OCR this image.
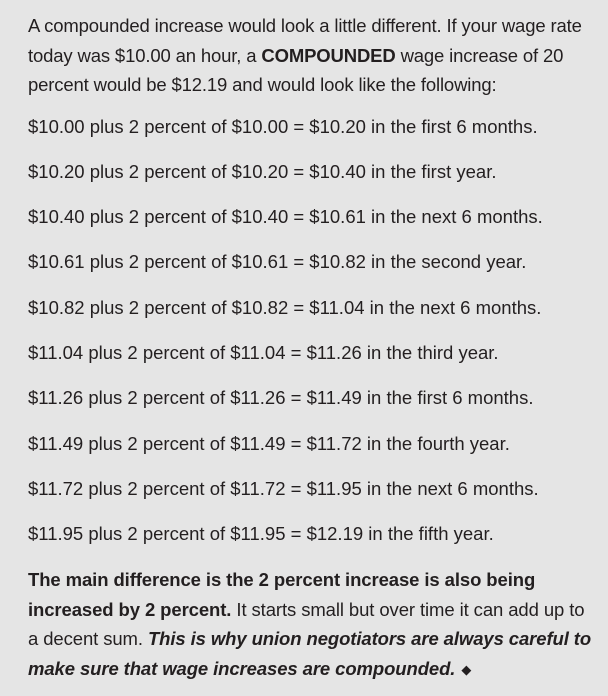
A compounded increase would look a little different. If your wage rate today was $10.00 an hour, a COMPOUNDED wage increase of 20 percent would be $12.19 and would look like the following:

$10.00 plus 2 percent of $10.00 = $10.20 in the first 6 months.
$10.20 plus 2 percent of $10.20 = $10.40 in the first year.
$10.40 plus 2 percent of $10.40 = $10.61 in the next 6 months.
$10.61 plus 2 percent of $10.61 = $10.82 in the second year.
$10.82 plus 2 percent of $10.82 = $11.04 in the next 6 months.
$11.04 plus 2 percent of $11.04 = $11.26 in the third year.
$11.26 plus 2 percent of $11.26 = $11.49 in the first 6 months.
$11.49 plus 2 percent of $11.49 = $11.72 in the fourth year.
$11.72 plus 2 percent of $11.72 = $11.95 in the next 6 months.
$11.95 plus 2 percent of $11.95 = $12.19 in the fifth year.

The main difference is the 2 percent increase is also being increased by 2 percent. It starts small but over time it can add up to a decent sum. This is why union negotiators are always careful to make sure that wage increases are compounded. ◆
